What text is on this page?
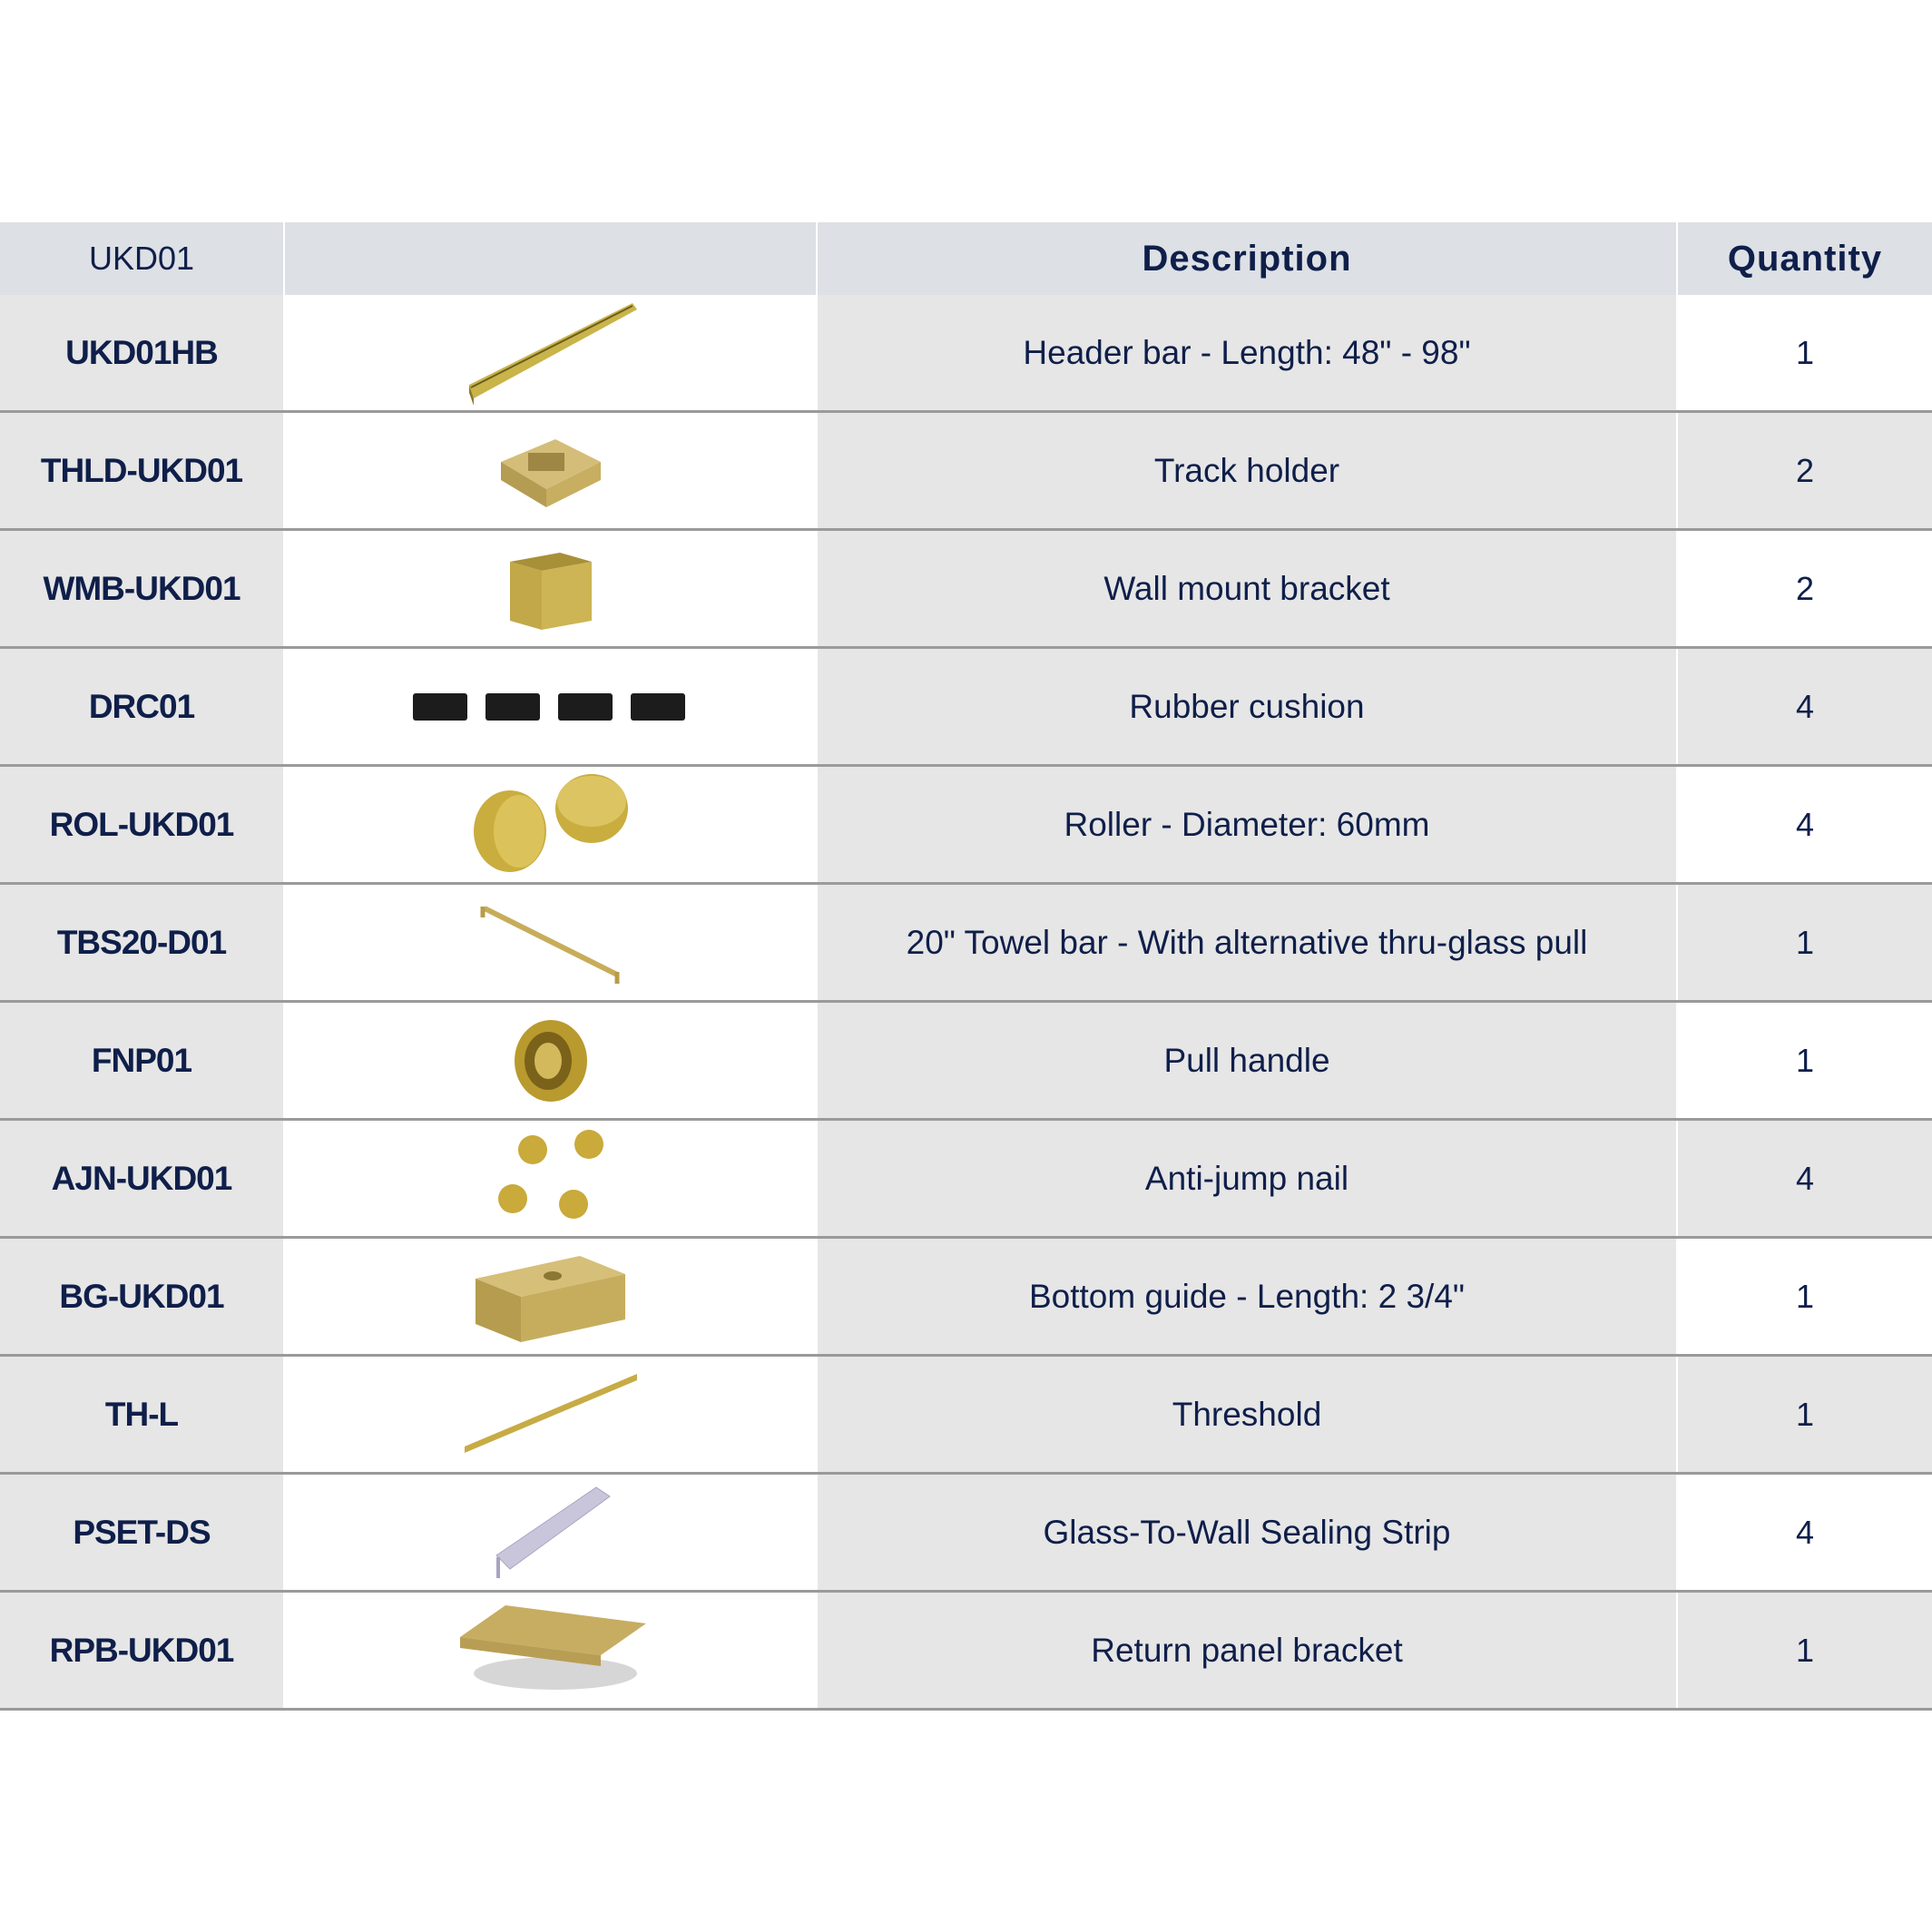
UKD01	Description	Quantity
UKD01HB	Header bar - Length: 48" - 98"	1
THLD-UKD01	Track holder	2
WMB-UKD01	Wall mount bracket	2
DRC01	Rubber cushion	4
ROL-UKD01	Roller - Diameter: 60mm	4
TBS20-D01	20" Towel bar - With alternative thru-glass pull	1
FNP01	Pull handle	1
AJN-UKD01	Anti-jump nail	4
BG-UKD01	Bottom guide - Length: 2 3/4"	1
TH-L	Threshold	1
PSET-DS	Glass-To-Wall Sealing Strip	4
RPB-UKD01	Return panel bracket	1
